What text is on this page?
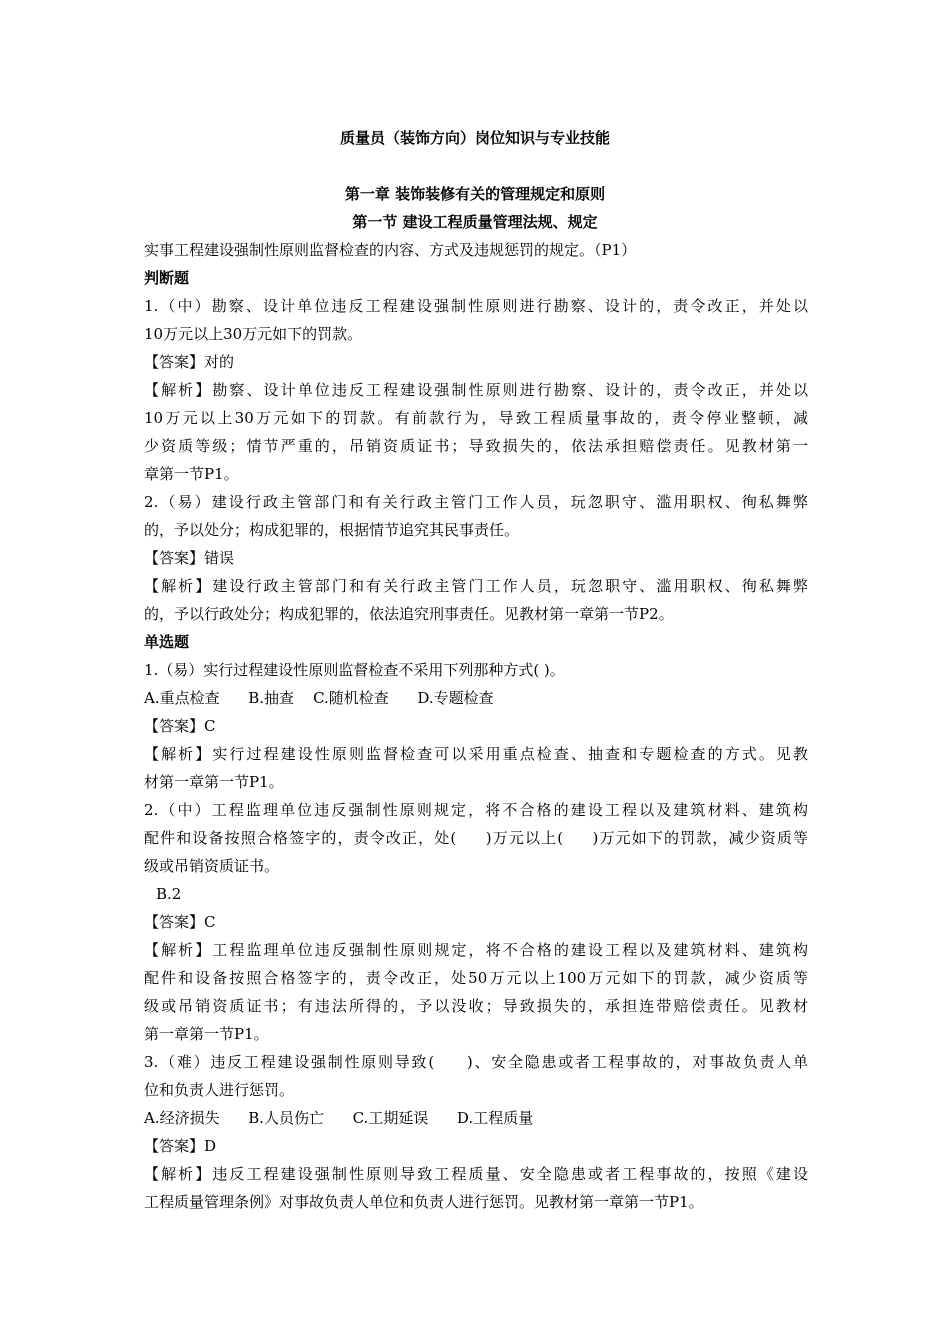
质量员（装饰方向）岗位知识与专业技能
第一章 装饰装修有关的管理规定和原则
第一节 建设工程质量管理法规、规定
实事工程建设强制性原则监督检查的内容、方式及违规惩罚的规定。（P1）
判断题
1.（中）勘察、设计单位违反工程建设强制性原则进行勘察、设计的，责令改正，并处以
10万元以上30万元如下的罚款。
【答案】对的
【解析】勘察、设计单位违反工程建设强制性原则进行勘察、设计的，责令改正，并处以
10万元以上30万元如下的罚款。有前款行为，导致工程质量事故的，责令停业整顿，减
少资质等级；情节严重的，吊销资质证书；导致损失的，依法承担赔偿责任。见教材第一
章第一节P1。
2.（易）建设行政主管部门和有关行政主管门工作人员，玩忽职守、滥用职权、徇私舞弊
的，予以处分；构成犯罪的，根据情节追究其民事责任。
【答案】错误
【解析】建设行政主管部门和有关行政主管门工作人员，玩忽职守、滥用职权、徇私舞弊
的，予以行政处分；构成犯罪的，依法追究刑事责任。见教材第一章第一节P2。
单选题
1.（易）实行过程建设性原则监督检查不采用下列那种方式( )。
A.重点检查      B.抽查    C.随机检查      D.专题检查
【答案】C
【解析】实行过程建设性原则监督检查可以采用重点检查、抽查和专题检查的方式。见教
材第一章第一节P1。
2.（中）工程监理单位违反强制性原则规定，将不合格的建设工程以及建筑材料、建筑构
配件和设备按照合格签字的，责令改正，处(     )万元以上(     )万元如下的罚款，减少资质等
级或吊销资质证书。
B.2
【答案】C
【解析】工程监理单位违反强制性原则规定，将不合格的建设工程以及建筑材料、建筑构
配件和设备按照合格签字的，责令改正，处50万元以上100万元如下的罚款，减少资质等
级或吊销资质证书；有违法所得的，予以没收；导致损失的，承担连带赔偿责任。见教材
第一章第一节P1。
3.（难）违反工程建设强制性原则导致(     )、安全隐患或者工程事故的，对事故负责人单
位和负责人进行惩罚。
A.经济损失      B.人员伤亡      C.工期延误      D.工程质量
【答案】D
【解析】违反工程建设强制性原则导致工程质量、安全隐患或者工程事故的，按照《建设
工程质量管理条例》对事故负责人单位和负责人进行惩罚。见教材第一章第一节P1。
